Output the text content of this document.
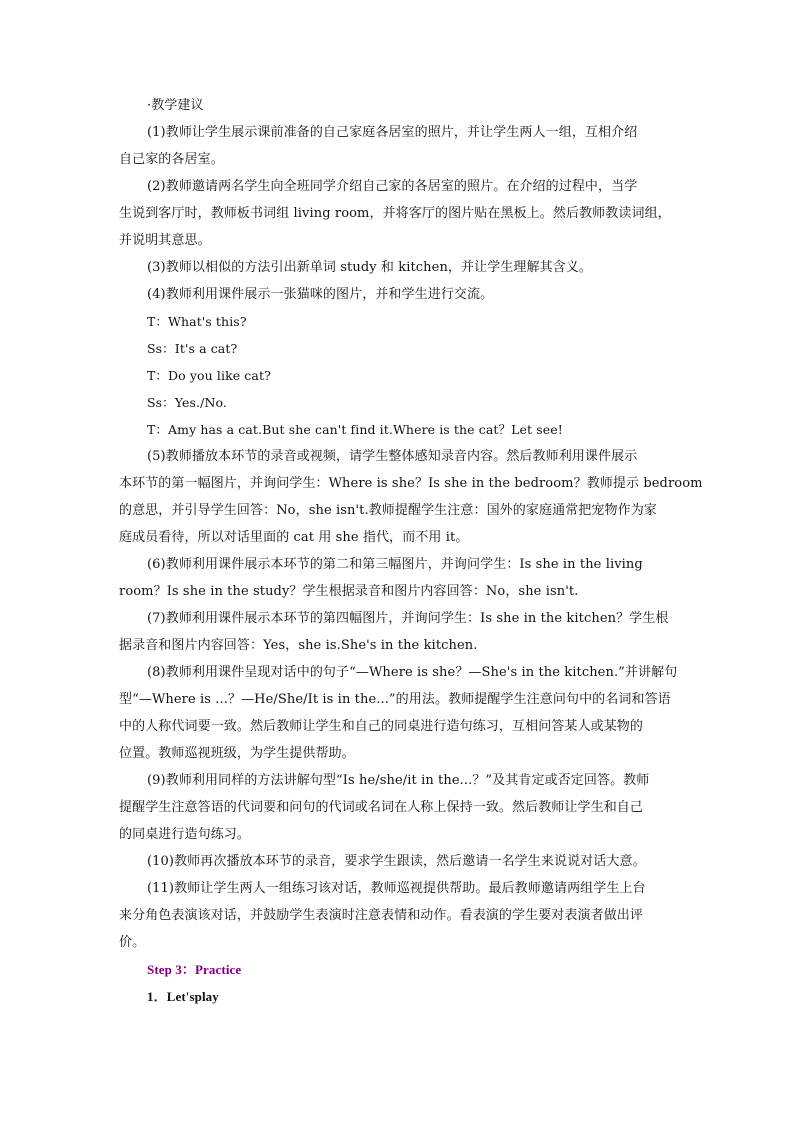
·教学建议
(1)教师让学生展示课前准备的自己家庭各居室的照片，并让学生两人一组，互相介绍
自己家的各居室。
(2)教师邀请两名学生向全班同学介绍自己家的各居室的照片。在介绍的过程中，当学
生说到客厅时，教师板书词组 living room，并将客厅的图片贴在黑板上。然后教师教读词组，
并说明其意思。
(3)教师以相似的方法引出新单词 study 和 kitchen，并让学生理解其含义。
(4)教师利用课件展示一张猫咪的图片，并和学生进行交流。
T：What's this?
Ss：It's a cat?
T：Do you like cat?
Ss：Yes./No.
T：Amy has a cat.But she can't find it.Where is the cat？Let see!
(5)教师播放本环节的录音或视频，请学生整体感知录音内容。然后教师利用课件展示
本环节的第一幅图片，并询问学生：Where is she？Is she in the bedroom？教师提示 bedroom
的意思，并引导学生回答：No，she isn't.教师提醒学生注意：国外的家庭通常把宠物作为家
庭成员看待，所以对话里面的 cat 用 she 指代，而不用 it。
(6)教师利用课件展示本环节的第二和第三幅图片，并询问学生：Is she in the living
room？Is she in the study？学生根据录音和图片内容回答：No，she isn't.
(7)教师利用课件展示本环节的第四幅图片，并询问学生：Is she in the kitchen？学生根
据录音和图片内容回答：Yes，she is.She's in the kitchen.
(8)教师利用课件呈现对话中的句子“—Where is she？—She's in the kitchen.”并讲解句
型“—Where is ...？—He/She/It is in the...”的用法。教师提醒学生注意问句中的名词和答语
中的人称代词要一致。然后教师让学生和自己的同桌进行造句练习，互相问答某人或某物的
位置。教师巡视班级，为学生提供帮助。
(9)教师利用同样的方法讲解句型“Is he/she/it in the...？”及其肯定或否定回答。教师
提醒学生注意答语的代词要和问句的代词或名词在人称上保持一致。然后教师让学生和自己
的同桌进行造句练习。
(10)教师再次播放本环节的录音，要求学生跟读，然后邀请一名学生来说说对话大意。
(11)教师让学生两人一组练习该对话，教师巡视提供帮助。最后教师邀请两组学生上台
来分角色表演该对话，并鼓励学生表演时注意表情和动作。看表演的学生要对表演者做出评
价。
Step 3：Practice
1．Let'splay
